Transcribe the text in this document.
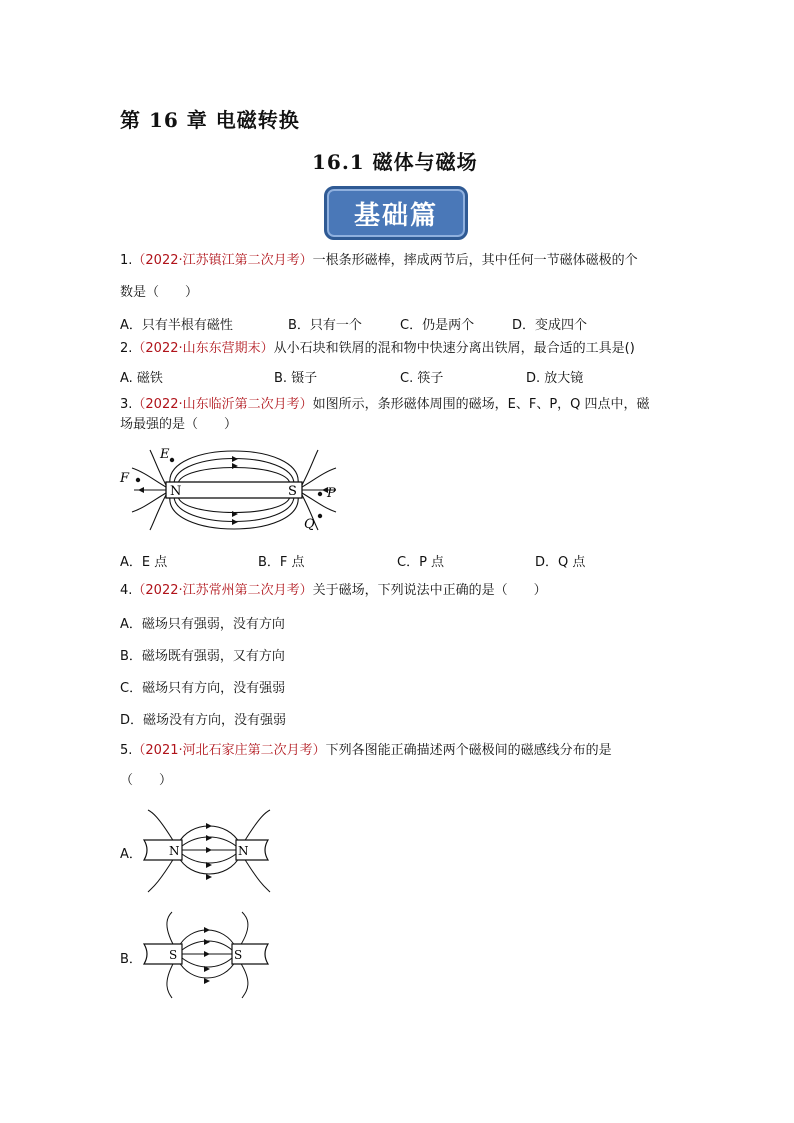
第 16 章 电磁转换
16.1 磁体与磁场
基础篇
1.（2022·江苏镇江第二次月考）一根条形磁棒，摔成两节后，其中任何一节磁体磁极的个
数是（　　）
A．只有半根有磁性	B．只有一个	C．仍是两个	D．变成四个
2.（2022·山东东营期末）从小石块和铁屑的混和物中快速分离出铁屑，最合适的工具是()
A. 磁铁	B. 镊子	C. 筷子	D. 放大镜
3.（2022·山东临沂第二次月考）如图所示，条形磁体周围的磁场，E、F、P，Q 四点中，磁
场最强的是（　　）
N	S
E
F
P
Q
A．E 点	B．F 点	C．P 点	D．Q 点
4.（2022·江苏常州第二次月考）关于磁场，下列说法中正确的是（　　）
A．磁场只有强弱，没有方向
B．磁场既有强弱，又有方向
C．磁场只有方向，没有强弱
D．磁场没有方向，没有强弱
5.（2021·河北石家庄第二次月考）下列各图能正确描述两个磁极间的磁感线分布的是
（　　）
A． N	N
B． S	S
